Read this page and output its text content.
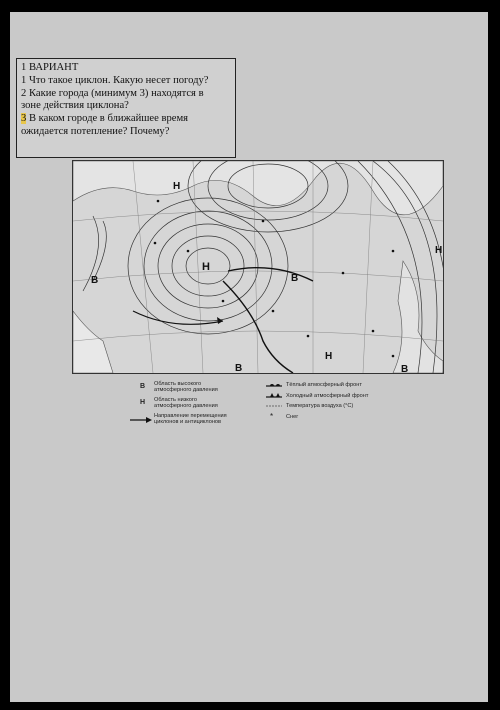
1 ВАРИАНТ
1 Что такое циклон. Какую несет погоду?
2 Какие города (минимум 3) находятся в
зоне действия циклона?
3 В каком городе в ближайшее время
ожидается потепление? Почему?
Н
Н
Н
В	В
В	В
Н
В Область высокого
атмосферного давления
Н Область низкого
атмосферного давления
Направление перемещения
циклонов и антициклонов
Тёплый атмосферный фронт
Холодный атмосферный фронт
Температура воздуха (°С)
* Снег
